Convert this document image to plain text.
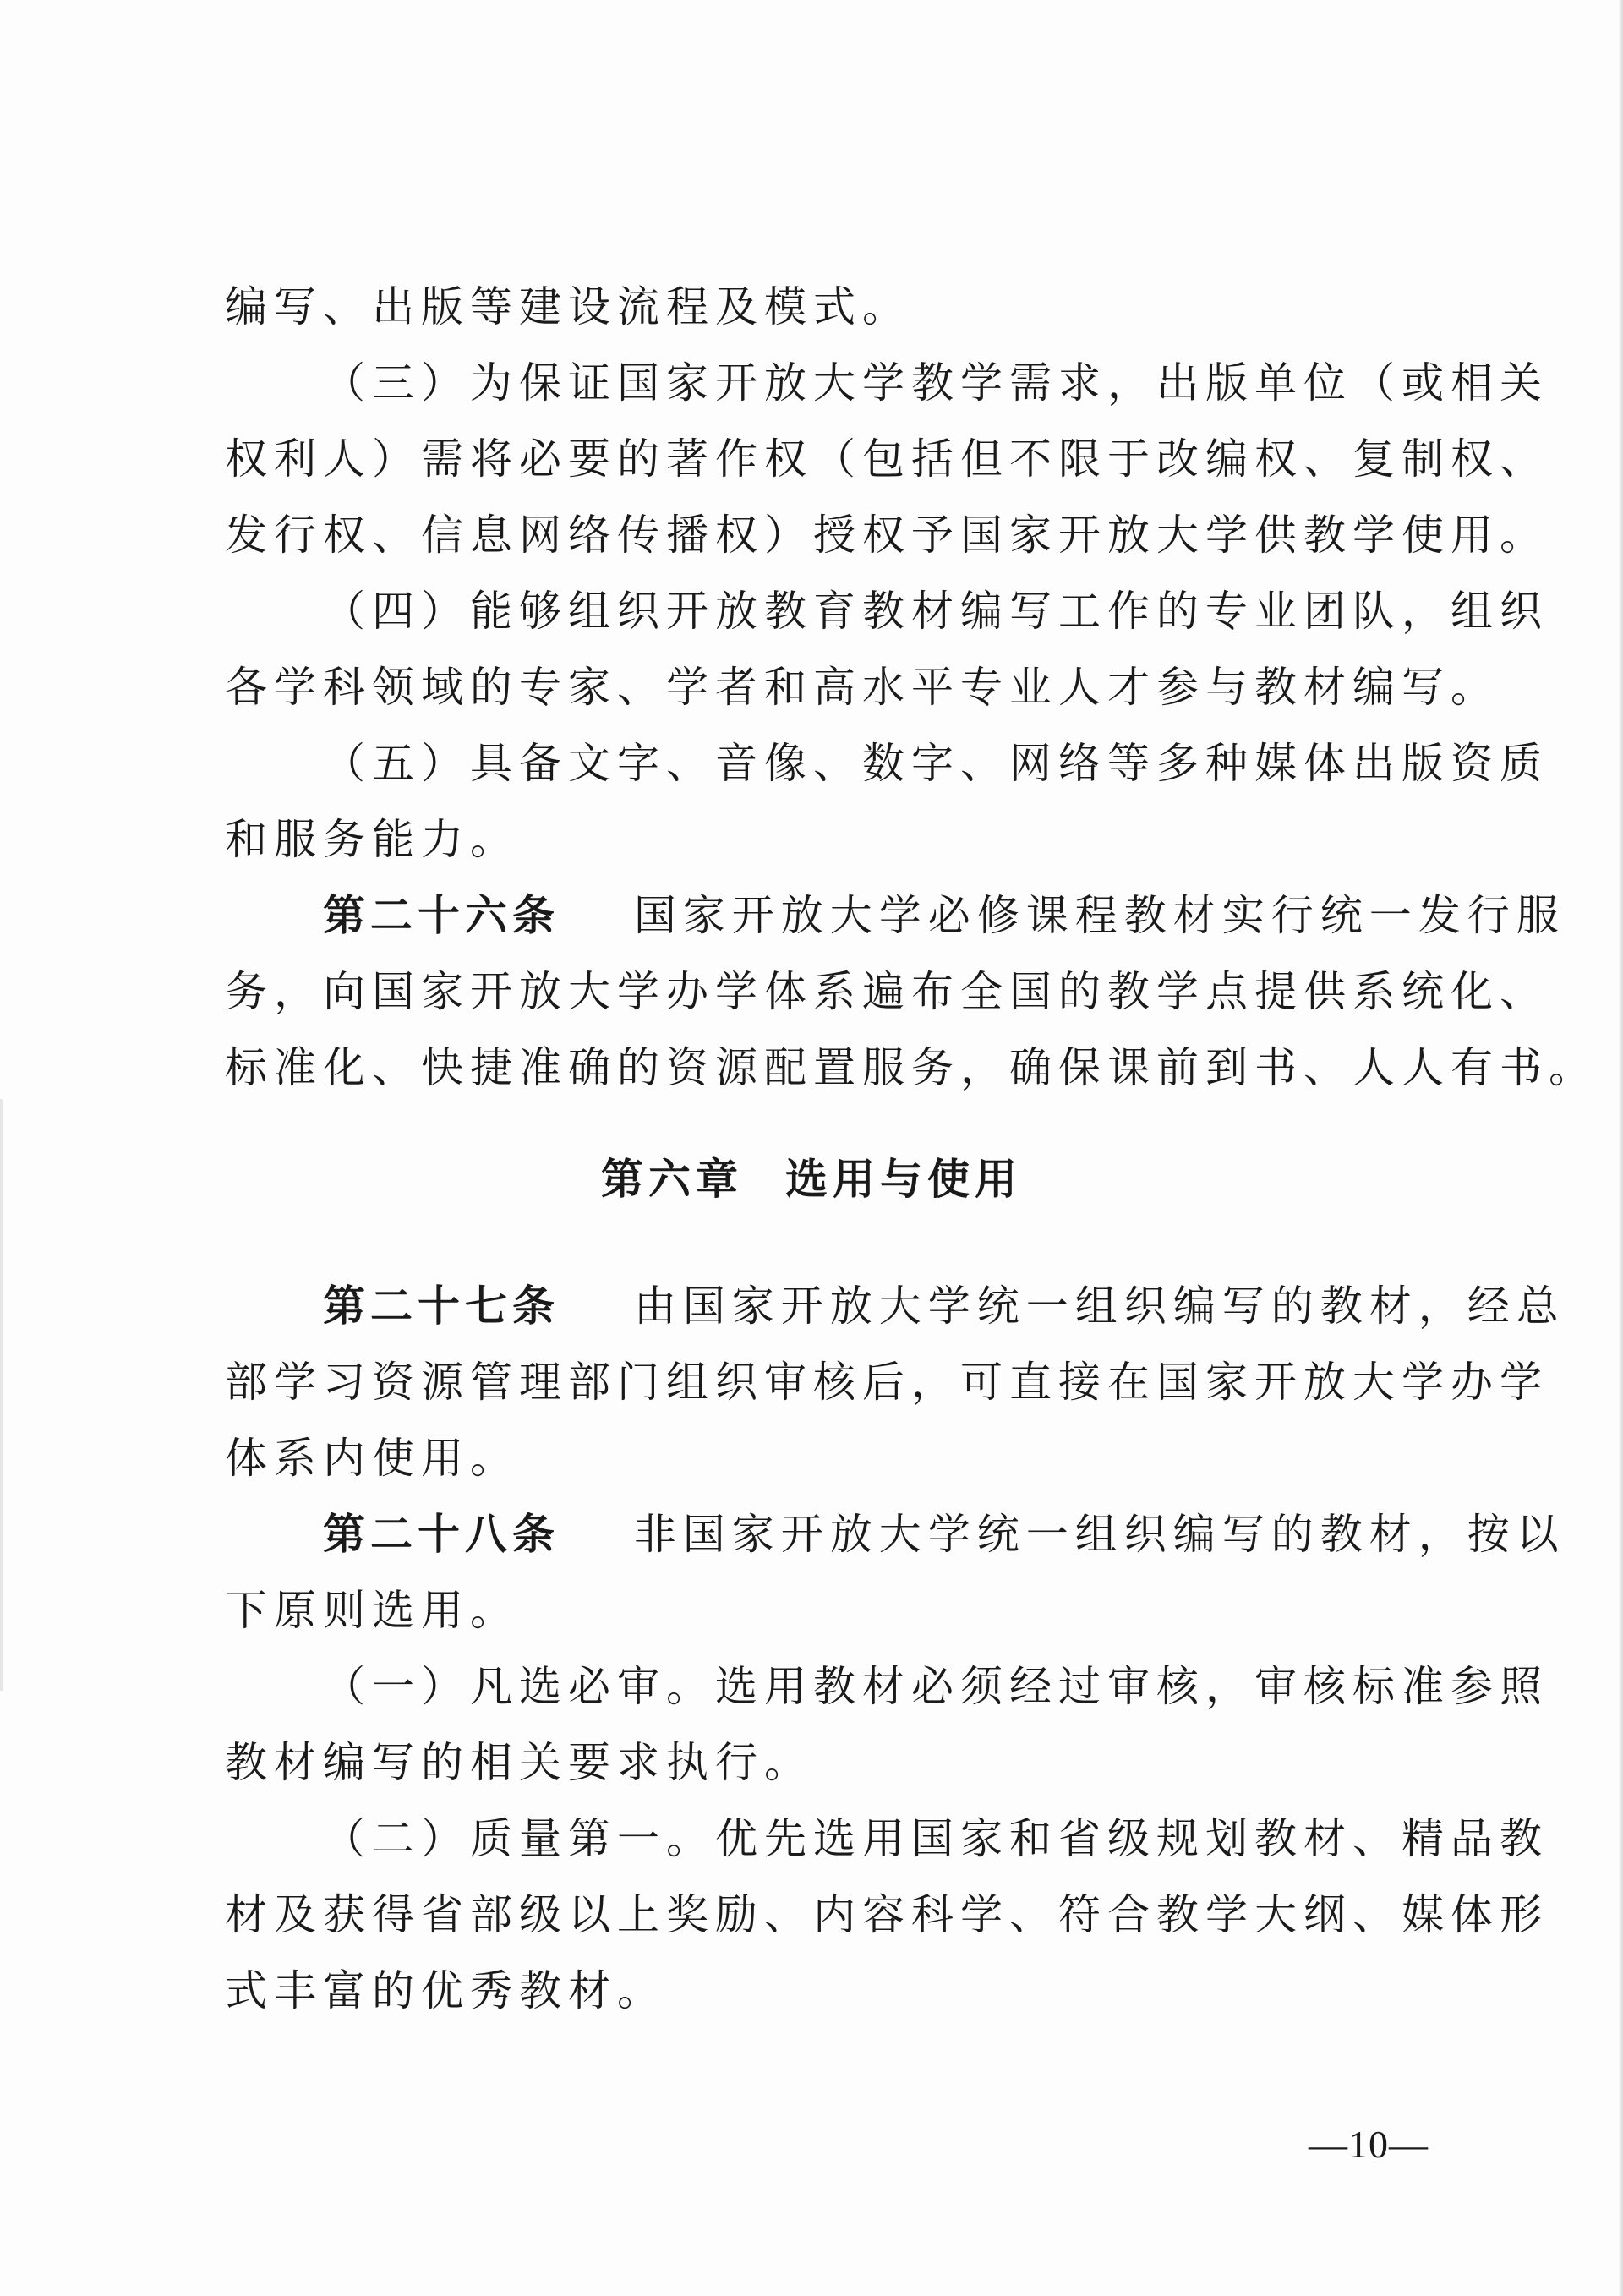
编写、出版等建设流程及模式。
（三）为保证国家开放大学教学需求，出版单位（或相关
权利人）需将必要的著作权（包括但不限于改编权、复制权、
发行权、信息网络传播权）授权予国家开放大学供教学使用。
（四）能够组织开放教育教材编写工作的专业团队，组织
各学科领域的专家、学者和高水平专业人才参与教材编写。
（五）具备文字、音像、数字、网络等多种媒体出版资质
和服务能力。
第二十六条 国家开放大学必修课程教材实行统一发行服
务，向国家开放大学办学体系遍布全国的教学点提供系统化、
标准化、快捷准确的资源配置服务，确保课前到书、人人有书。
第六章 选用与使用
第二十七条 由国家开放大学统一组织编写的教材，经总
部学习资源管理部门组织审核后，可直接在国家开放大学办学
体系内使用。
第二十八条 非国家开放大学统一组织编写的教材，按以
下原则选用。
（一）凡选必审。选用教材必须经过审核，审核标准参照
教材编写的相关要求执行。
（二）质量第一。优先选用国家和省级规划教材、精品教
材及获得省部级以上奖励、内容科学、符合教学大纲、媒体形
式丰富的优秀教材。
—10—
